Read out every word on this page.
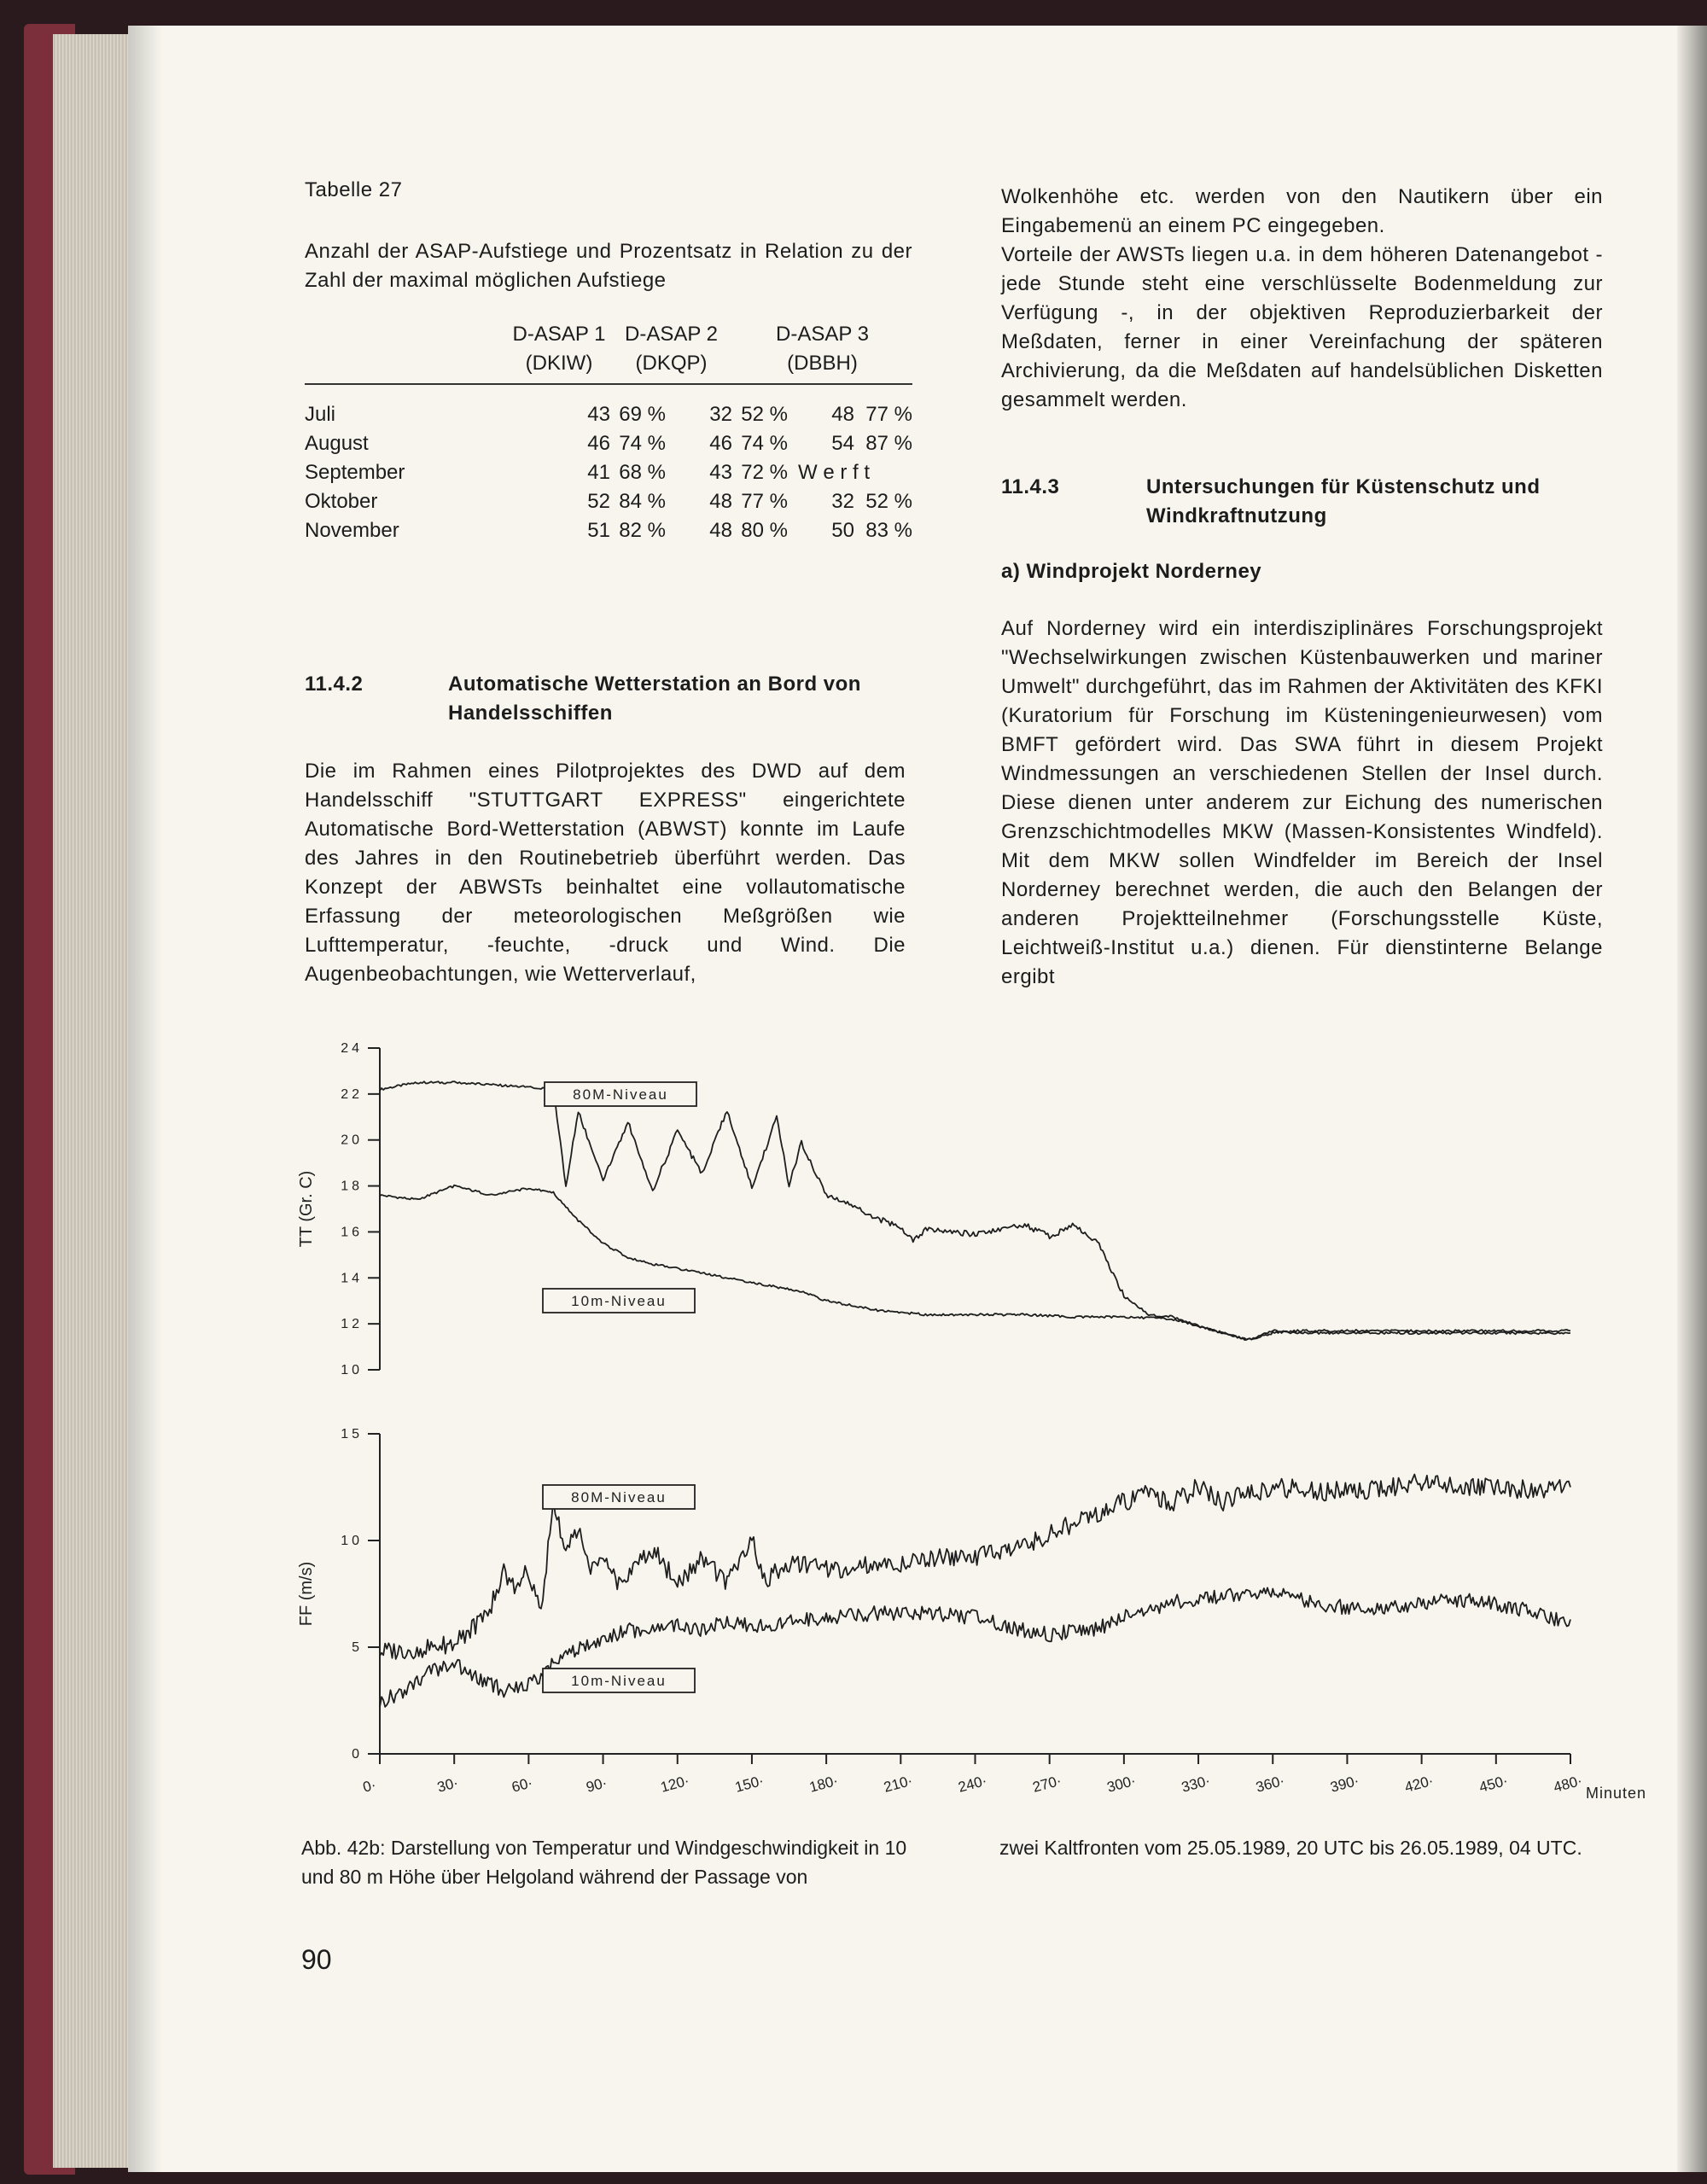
Tabelle 27

Anzahl der ASAP-Aufstiege und Prozentsatz in Relation zu der Zahl der maximal möglichen Aufstiege

	D-ASAP 1		D-ASAP 2		D-ASAP 3		
	(DKIW)		(DKQP)		(DBBH)		
Juli		43	69 %	32	52 %	48	77 %
August		46	74 %	46	74 %	54	87 %
September		41	68 %	43	72 %	W e r f t	
Oktober		52	84 %	48	77 %	32	52 %
November		51	82 %	48	80 %	50	83 %

11.4.2	Automatische Wetterstation an Bord von Handelsschiffen

Die im Rahmen eines Pilotprojektes des DWD auf dem Handelsschiff "STUTTGART EXPRESS" eingerichtete Automatische Bord-Wetterstation (ABWST) konnte im Laufe des Jahres in den Routinebetrieb überführt werden. Das Konzept der ABWSTs beinhaltet eine vollautomatische Erfassung der meteorologischen Meßgrößen wie Lufttemperatur, -feuchte, -druck und Wind. Die Augenbeobachtungen, wie Wetterverlauf,

Wolkenhöhe etc. werden von den Nautikern über ein Eingabemenü an einem PC eingegeben.

Vorteile der AWSTs liegen u.a. in dem höheren Datenangebot - jede Stunde steht eine verschlüsselte Bodenmeldung zur Verfügung -, in der objektiven Reproduzierbarkeit der Meßdaten, ferner in einer Vereinfachung der späteren Archivierung, da die Meßdaten auf handelsüblichen Disketten gesammelt werden.

11.4.3	Untersuchungen für Küstenschutz und Windkraftnutzung

a) Windprojekt Norderney

Auf Norderney wird ein interdisziplinäres Forschungsprojekt "Wechselwirkungen zwischen Küstenbauwerken und mariner Umwelt" durchgeführt, das im Rahmen der Aktivitäten des KFKI (Kuratorium für Forschung im Küsteningenieurwesen) vom BMFT gefördert wird. Das SWA führt in diesem Projekt Windmessungen an verschiedenen Stellen der Insel durch. Diese dienen unter anderem zur Eichung des numerischen Grenzschichtmodelles MKW (Massen-Konsistentes Windfeld). Mit dem MKW sollen Windfelder im Bereich der Insel Norderney berechnet werden, die auch den Belangen der anderen Projektteilnehmer (Forschungsstelle Küste, Leichtweiß-Institut u.a.) dienen. Für dienstinterne Belange ergibt

10
12
14
16
18
20
22
24
TT (Gr. C)
80M-Niveau
10m-Niveau
0
5
10
15
FF (m/s)
0·	30·	60·	90·	120·	150·	180·	210·	240·	270·	300·	330·	360·	390·	420·	450·	480· Minuten
80M-Niveau
10m-Niveau

Abb. 42b: Darstellung von Temperatur und Windgeschwindigkeit in 10 und 80 m Höhe über Helgoland während der Passage von

zwei Kaltfronten vom 25.05.1989, 20 UTC bis 26.05.1989, 04 UTC.

90
